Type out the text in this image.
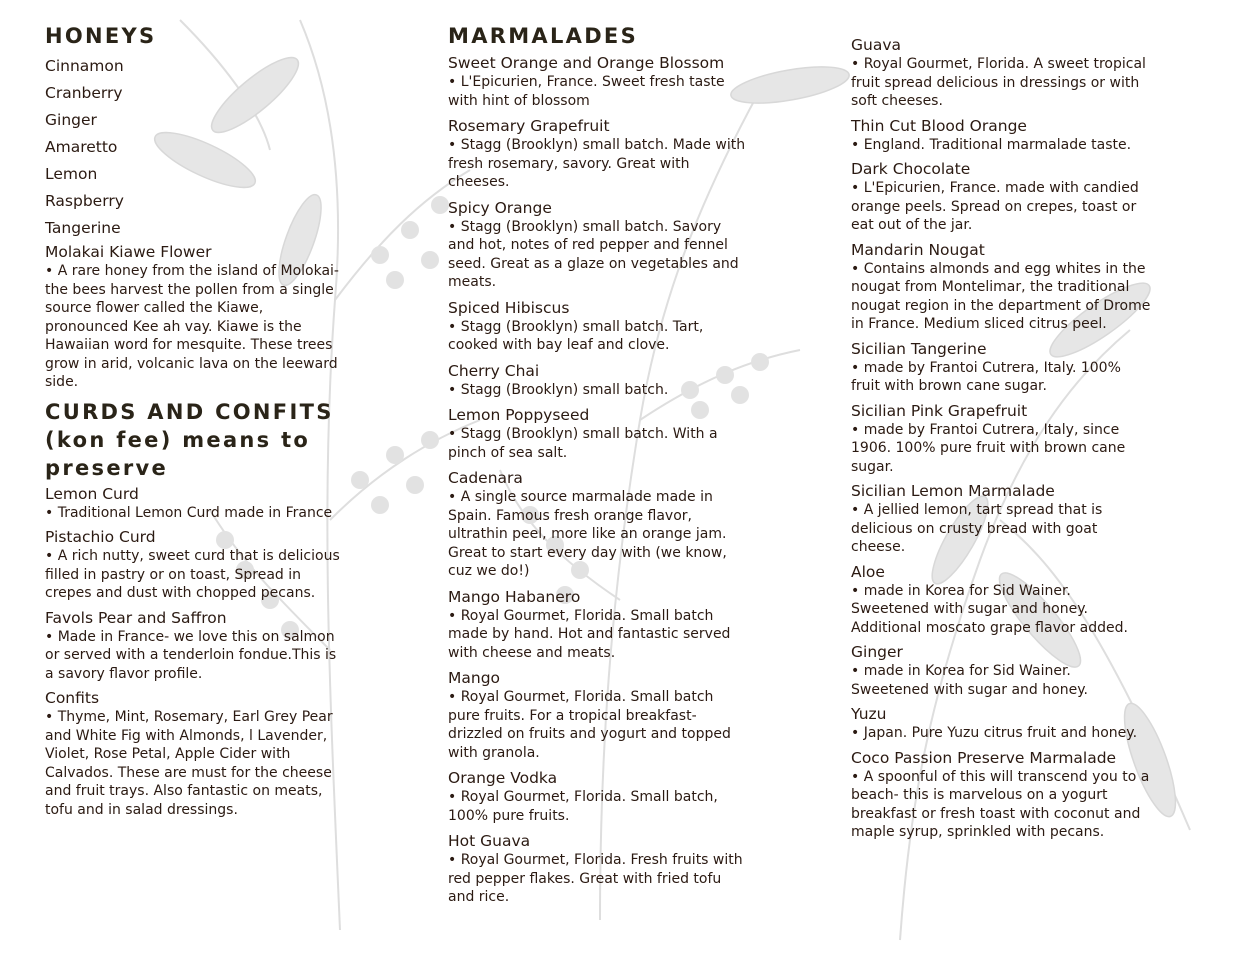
HONEYS
Cinnamon
Cranberry
Ginger
Amaretto
Lemon
Raspberry
Tangerine
Molakai Kiawe Flower
• A rare honey from the island of Molokai- the bees harvest the pollen from a single source flower called the Kiawe, pronounced Kee ah vay. Kiawe is the Hawaiian word for mesquite. These trees grow in arid, volcanic lava on the leeward side.
CURDS AND CONFITS
(kon fee) means to
preserve
Lemon Curd
• Traditional Lemon Curd made in France
Pistachio Curd
• A rich nutty, sweet curd that is delicious filled in pastry or on toast, Spread in crepes and dust with chopped pecans.
Favols Pear and Saffron
• Made in France- we love this on salmon or served with a tenderloin fondue.This is a savory flavor profile.
Confits
• Thyme, Mint, Rosemary, Earl Grey Pear and White Fig with Almonds, l Lavender, Violet, Rose Petal, Apple Cider with Calvados. These are must for the cheese and fruit trays. Also fantastic on meats, tofu and in salad dressings.
MARMALADES
Sweet Orange and Orange Blossom
• L'Epicurien, France. Sweet fresh taste with hint of blossom
Rosemary Grapefruit
• Stagg (Brooklyn) small batch. Made with fresh rosemary, savory. Great with cheeses.
Spicy Orange
• Stagg (Brooklyn) small batch. Savory and hot, notes of red pepper and fennel seed. Great as a glaze on vegetables and meats.
Spiced Hibiscus
• Stagg (Brooklyn) small batch. Tart, cooked with bay leaf and clove.
Cherry Chai
• Stagg (Brooklyn) small batch.
Lemon Poppyseed
• Stagg (Brooklyn) small batch. With a pinch of sea salt.
Cadenara
• A single source marmalade made in Spain. Famous fresh orange flavor, ultrathin peel, more like an orange jam. Great to start every day with (we know, cuz we do!)
Mango Habanero
• Royal Gourmet, Florida. Small batch made by hand. Hot and fantastic served with cheese and meats.
Mango
• Royal Gourmet, Florida. Small batch pure fruits. For a tropical breakfast-drizzled on fruits and yogurt and topped with granola.
Orange Vodka
• Royal Gourmet, Florida. Small batch, 100% pure fruits.
Hot Guava
• Royal Gourmet, Florida. Fresh fruits with red pepper flakes. Great with fried tofu and rice.
Guava
• Royal Gourmet, Florida. A sweet tropical fruit spread delicious in dressings or with soft cheeses.
Thin Cut Blood Orange
• England. Traditional marmalade taste.
Dark Chocolate
• L'Epicurien, France. made with candied orange peels. Spread on crepes, toast or eat out of the jar.
Mandarin Nougat
• Contains almonds and egg whites in the nougat from Montelimar, the traditional nougat region in the department of Drome in France. Medium sliced citrus peel.
Sicilian Tangerine
• made by Frantoi Cutrera, Italy. 100% fruit with brown cane sugar.
Sicilian Pink Grapefruit
• made by Frantoi Cutrera, Italy, since 1906. 100% pure fruit with brown cane sugar.
Sicilian Lemon Marmalade
• A jellied lemon, tart spread that is delicious on crusty bread with goat cheese.
Aloe
• made in Korea for Sid Wainer. Sweetened with sugar and honey. Additional moscato grape flavor added.
Ginger
• made in Korea for Sid Wainer. Sweetened with sugar and honey.
Yuzu
• Japan. Pure Yuzu citrus fruit and honey.
Coco Passion Preserve Marmalade
• A spoonful of this will transcend you to a beach- this is marvelous on a yogurt breakfast or fresh toast with coconut and maple syrup, sprinkled with pecans.
